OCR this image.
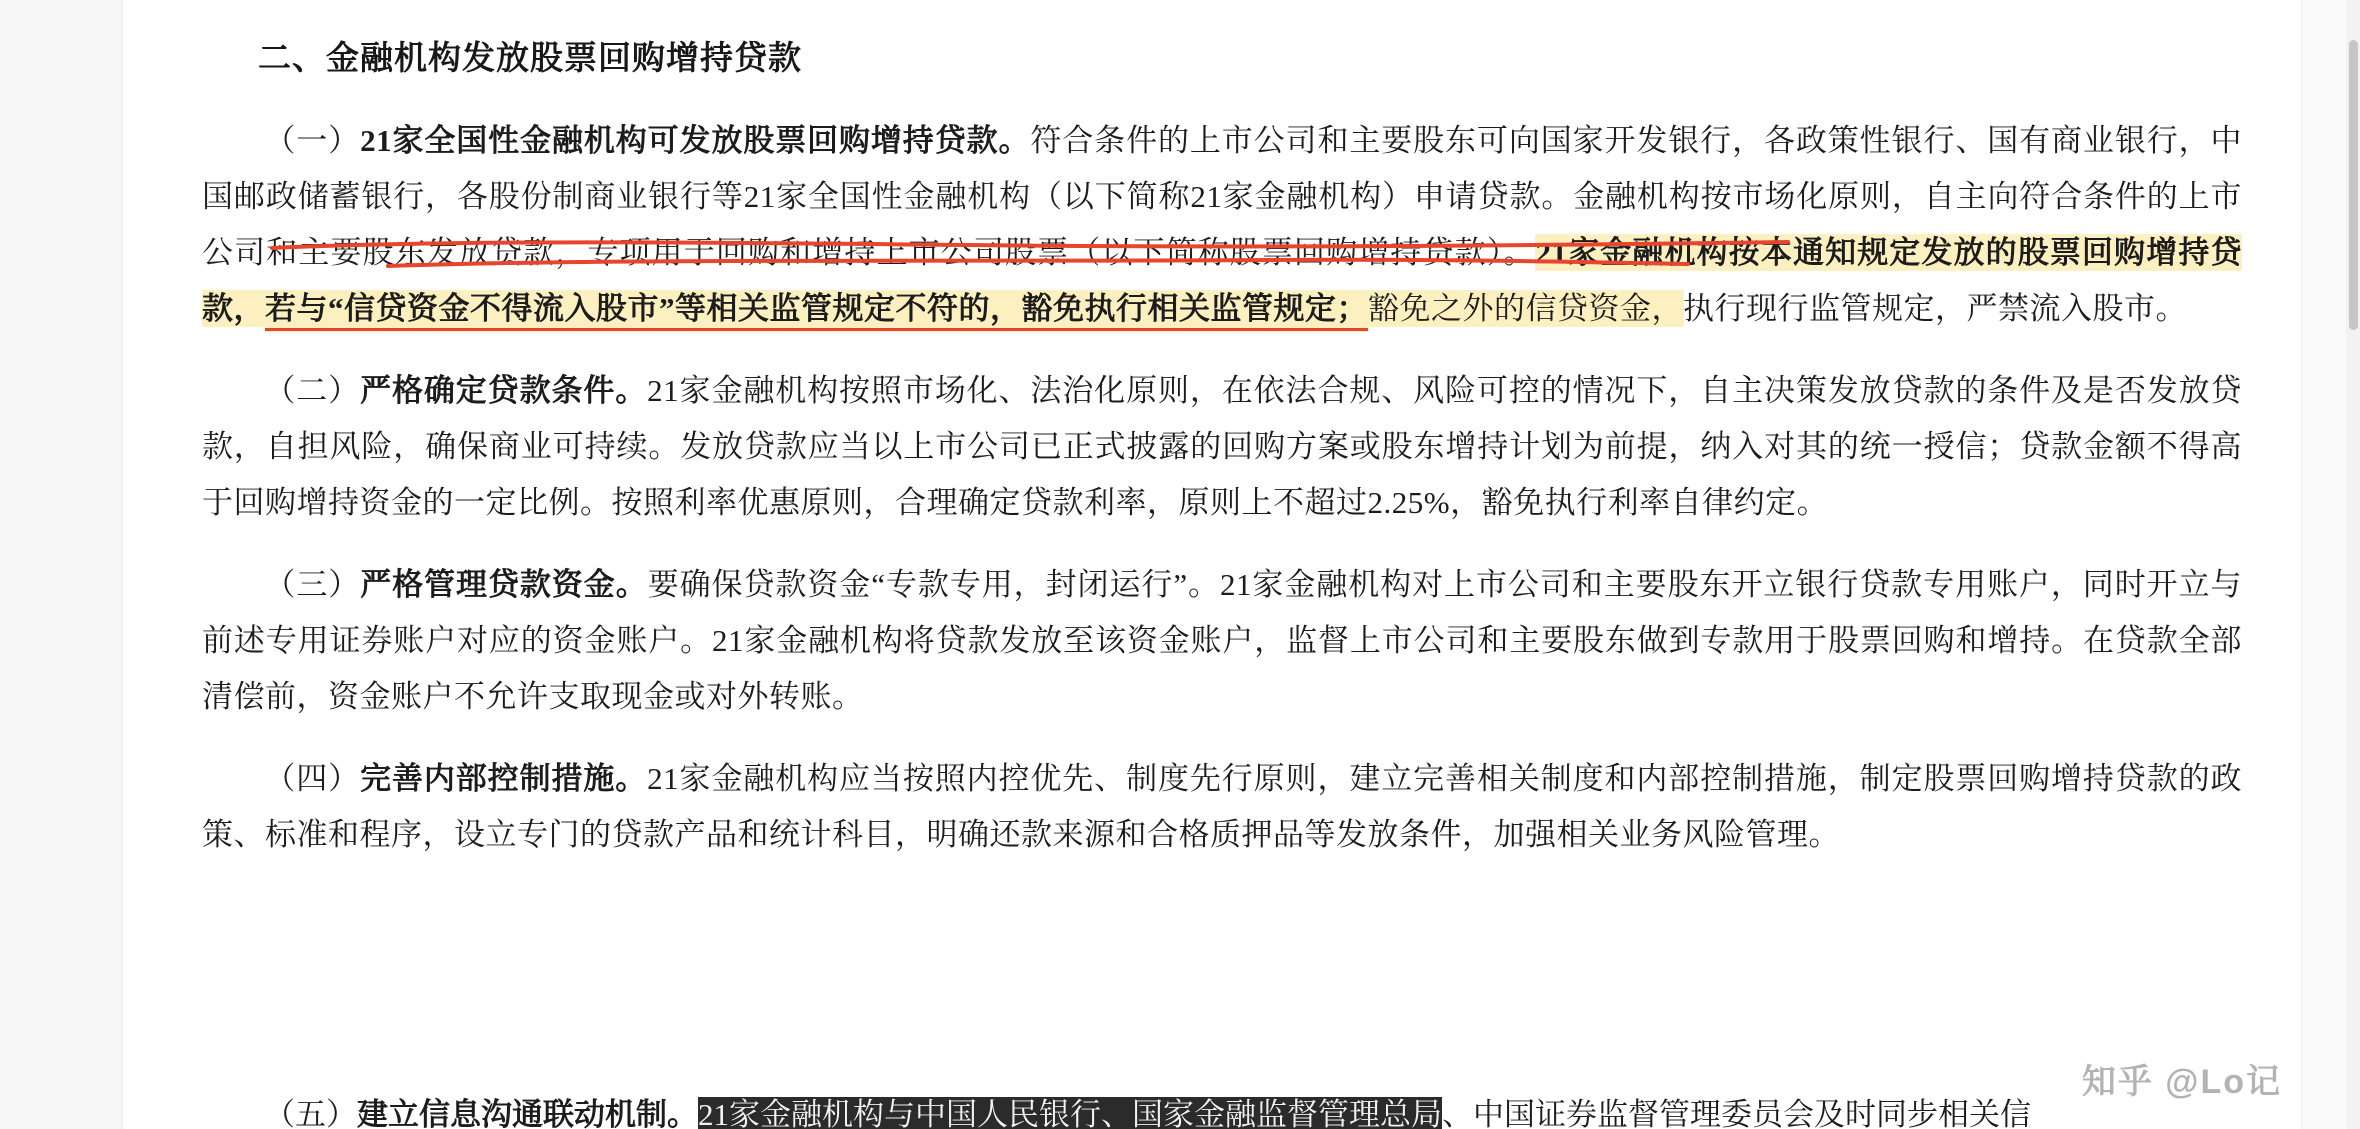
二、金融机构发放股票回购增持贷款

（一）21家全国性金融机构可发放股票回购增持贷款。符合条件的上市公司和主要股东可向国家开发银行，各政策性银行、国有商业银行，中国邮政储蓄银行，各股份制商业银行等21家全国性金融机构（以下简称21家金融机构）申请贷款。金融机构按市场化原则，自主向符合条件的上市公司和主要股东发放贷款，专项用于回购和增持上市公司股票（以下简称股票回购增持贷款）。21家金融机构按本通知规定发放的股票回购增持贷款，若与“信贷资金不得流入股市”等相关监管规定不符的，豁免执行相关监管规定；豁免之外的信贷资金，执行现行监管规定，严禁流入股市。

（二）严格确定贷款条件。21家金融机构按照市场化、法治化原则，在依法合规、风险可控的情况下，自主决策发放贷款的条件及是否发放贷款，自担风险，确保商业可持续。发放贷款应当以上市公司已正式披露的回购方案或股东增持计划为前提，纳入对其的统一授信；贷款金额不得高于回购增持资金的一定比例。按照利率优惠原则，合理确定贷款利率，原则上不超过2.25%，豁免执行利率自律约定。

（三）严格管理贷款资金。要确保贷款资金“专款专用，封闭运行”。21家金融机构对上市公司和主要股东开立银行贷款专用账户，同时开立与前述专用证券账户对应的资金账户。21家金融机构将贷款发放至该资金账户，监督上市公司和主要股东做到专款用于股票回购和增持。在贷款全部清偿前，资金账户不允许支取现金或对外转账。

（四）完善内部控制措施。21家金融机构应当按照内控优先、制度先行原则，建立完善相关制度和内部控制措施，制定股票回购增持贷款的政策、标准和程序，设立专门的贷款产品和统计科目，明确还款来源和合格质押品等发放条件，加强相关业务风险管理。

（五）建立信息沟通联动机制。21家金融机构与中国人民银行、国家金融监督管理总局、中国证券监督管理委员会及时同步相关信
知乎 @Lo记
